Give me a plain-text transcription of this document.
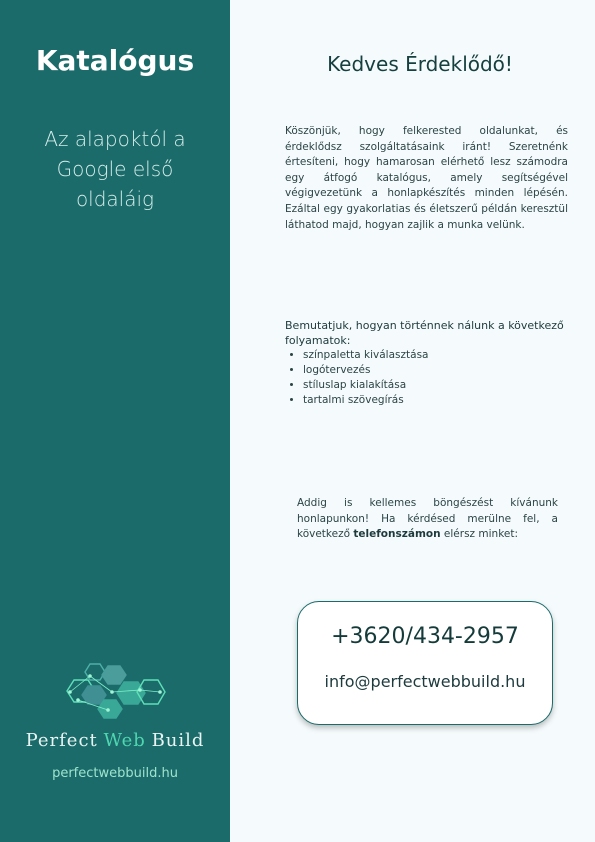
Katalógus
Az alapoktól a Google első oldaláig
Perfect Web Build
perfectwebbuild.hu
Kedves Érdeklődő!
Köszönjük, hogy felkerested oldalunkat, és érdeklődsz szolgáltatásaink iránt! Szeretnénk értesíteni, hogy hamarosan elérhető lesz számodra egy átfogó katalógus, amely segítségével végigvezetünk a honlapkészítés minden lépésén. Ezáltal egy gyakorlatias és életszerű példán keresztül láthatod majd, hogyan zajlik a munka velünk.
Bemutatjuk, hogyan történnek nálunk a következő folyamatok:
• színpaletta kiválasztása
• logótervezés
• stíluslap kialakítása
• tartalmi szövegírás
Addig is kellemes böngészést kívánunk honlapunkon! Ha kérdésed merülne fel, a következő telefonszámon elérsz minket:
+3620/434-2957
info@perfectwebbuild.hu
